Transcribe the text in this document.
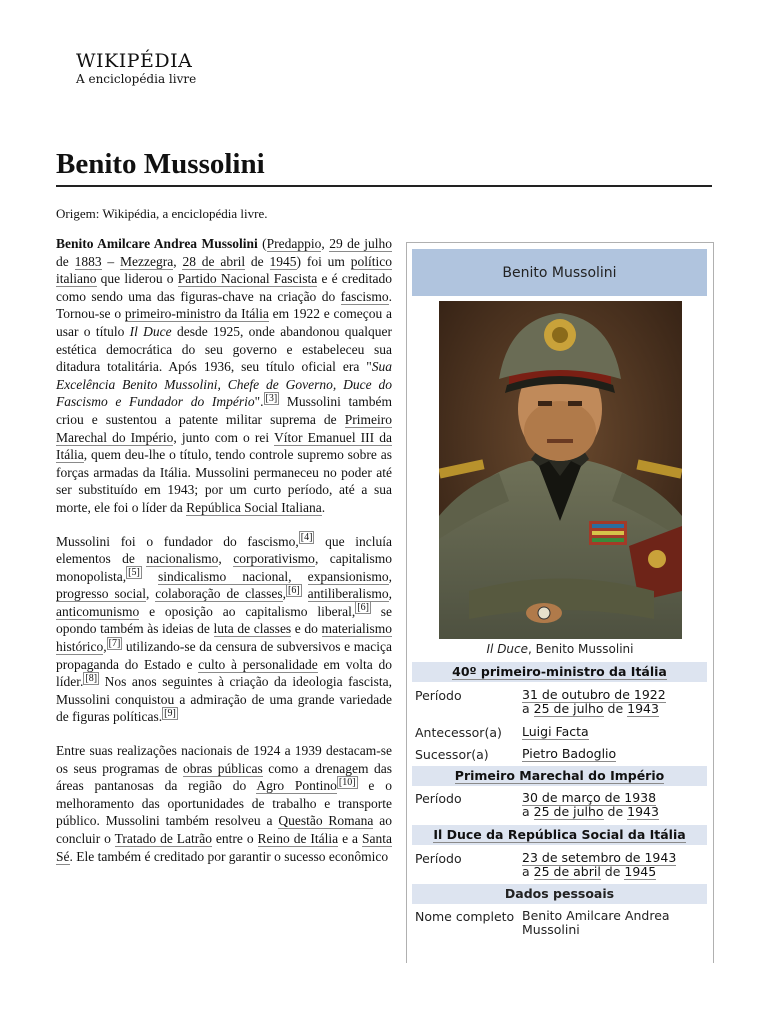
WIKIPÉDIA
A enciclopédia livre
Benito Mussolini
Origem: Wikipédia, a enciclopédia livre.

Benito Amilcare Andrea Mussolini (Predappio, 29 de julho de 1883 – Mezzegra, 28 de abril de 1945) foi um político italiano que liderou o Partido Nacional Fascista e é creditado como sendo uma das figuras-chave na criação do fascismo. Tornou-se o primeiro-ministro da Itália em 1922 e começou a usar o título Il Duce desde 1925, onde abandonou qualquer estética democrática do seu governo e estabeleceu sua ditadura totalitária. Após 1936, seu título oficial era "Sua Excelência Benito Mussolini, Chefe de Governo, Duce do Fascismo e Fundador do Império". [3] Mussolini também criou e sustentou a patente militar suprema de Primeiro Marechal do Império, junto com o rei Vítor Emanuel III da Itália, quem deu-lhe o título, tendo controle supremo sobre as forças armadas da Itália. Mussolini permaneceu no poder até ser substituído em 1943; por um curto período, até a sua morte, ele foi o líder da República Social Italiana.

Mussolini foi o fundador do fascismo, [4] que incluía elementos de nacionalismo, corporativismo, capitalismo monopolista, [5] sindicalismo nacional, expansionismo, progresso social, colaboração de classes, [6] antiliberalismo, anticomunismo e oposição ao capitalismo liberal, [6] se opondo também às ideias de luta de classes e do materialismo histórico, [7] utilizando-se da censura de subversivos e maciça propaganda do Estado e culto à personalidade em volta do líder. [8] Nos anos seguintes à criação da ideologia fascista, Mussolini conquistou a admiração de uma grande variedade de figuras políticas. [9]

Entre suas realizações nacionais de 1924 a 1939 destacam-se os seus programas de obras públicas como a drenagem das áreas pantanosas da região do Agro Pontino [10] e o melhoramento das oportunidades de trabalho e transporte público. Mussolini também resolveu a Questão Romana ao concluir o Tratado de Latrão entre o Reino de Itália e a Santa Sé. Ele também é creditado por garantir o sucesso econômico

Benito Mussolini
Il Duce, Benito Mussolini
40º primeiro-ministro da Itália
Período	31 de outubro de 1922
a 25 de julho de 1943
Antecessor(a) Luigi Facta
Sucessor(a)	Pietro Badoglio
Primeiro Marechal do Império
Período	30 de março de 1938
a 25 de julho de 1943
Il Duce da República Social da Itália
Período	23 de setembro de 1943
a 25 de abril de 1945
Dados pessoais
Nome completo Benito Amilcare Andrea Mussolini
